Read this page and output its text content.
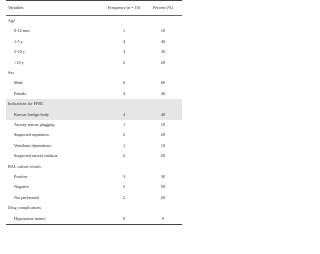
Variables	Frequency (n = 10)	Percent (%)
Age		
0-12 mos	1	10
1-5 y	4	40
5-10 y	3	30
>10 y	2	20
Sex		
Male	6	60
Female	4	40
Indications for FFBC		
Known foreign body	4	40
Airway mucus plugging	1	10
Suspected aspiration	2	20
Ventilator dependence	1	10
Suspected airway malacia	2	20
BAL culture results		
Positive	3	30
Negative	5	50
Not performed	2	20
Drug complications		
Hypoxemia (none)	0	0
